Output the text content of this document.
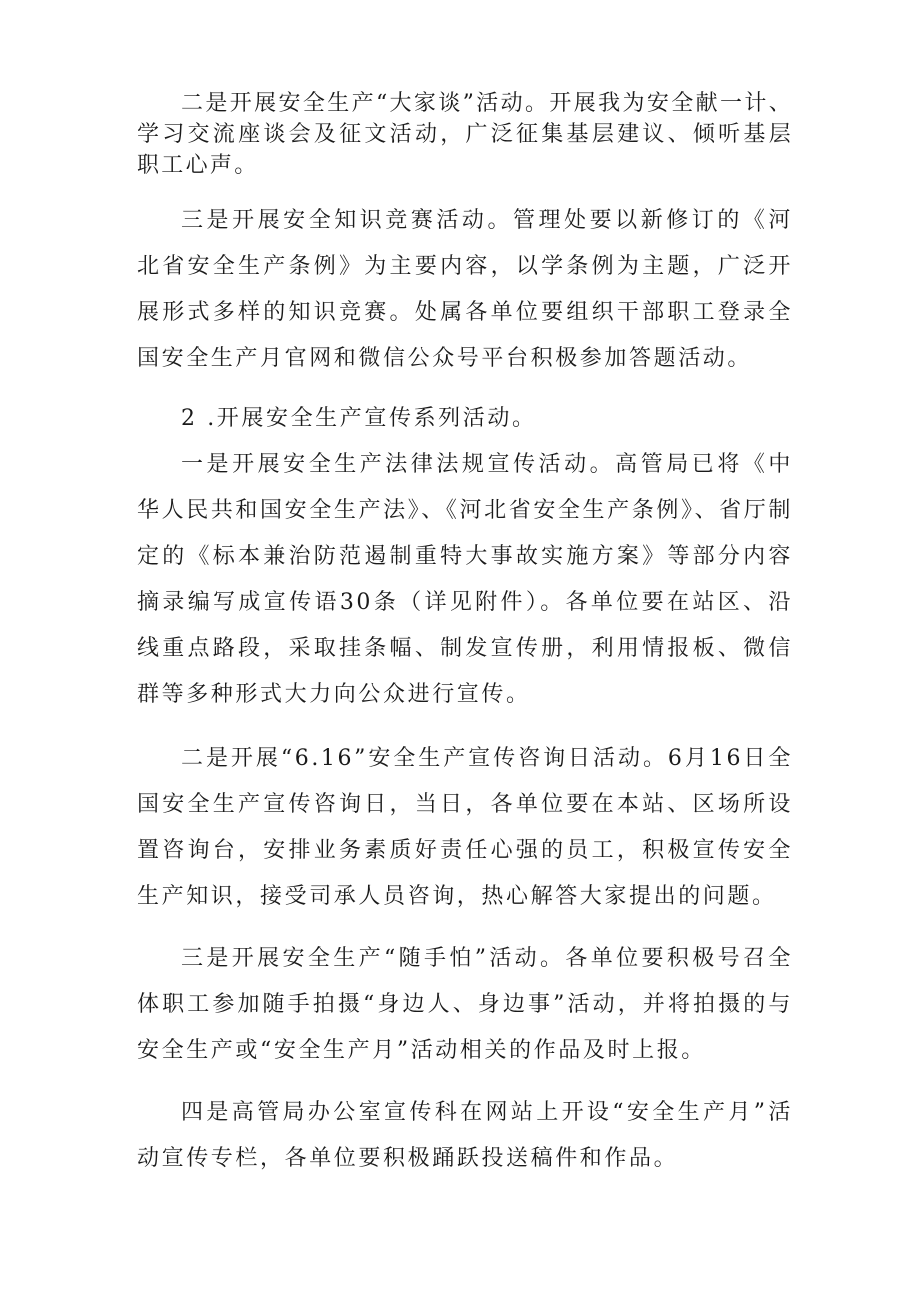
二是开展安全生产“大家谈”活动。开展我为安全献一计、学习交流座谈会及征文活动，广泛征集基层建议、倾听基层职工心声。

三是开展安全知识竞赛活动。管理处要以新修订的《河北省安全生产条例》为主要内容，以学条例为主题，广泛开展形式多样的知识竞赛。处属各单位要组织干部职工登录全国安全生产月官网和微信公众号平台积极参加答题活动。

2 .开展安全生产宣传系列活动。

一是开展安全生产法律法规宣传活动。高管局已将《中华人民共和国安全生产法》、《河北省安全生产条例》、省厅制定的《标本兼治防范遏制重特大事故实施方案》等部分内容摘录编写成宣传语30条（详见附件）。各单位要在站区、沿线重点路段，采取挂条幅、制发宣传册，利用情报板、微信群等多种形式大力向公众进行宣传。

二是开展“6.16”安全生产宣传咨询日活动。6月16日全国安全生产宣传咨询日，当日，各单位要在本站、区场所设置咨询台，安排业务素质好责任心强的员工，积极宣传安全生产知识，接受司承人员咨询，热心解答大家提出的问题。

三是开展安全生产“随手怕”活动。各单位要积极号召全体职工参加随手拍摄“身边人、身边事”活动，并将拍摄的与安全生产或“安全生产月”活动相关的作品及时上报。

四是高管局办公室宣传科在网站上开设“安全生产月”活动宣传专栏，各单位要积极踊跃投送稿件和作品。
